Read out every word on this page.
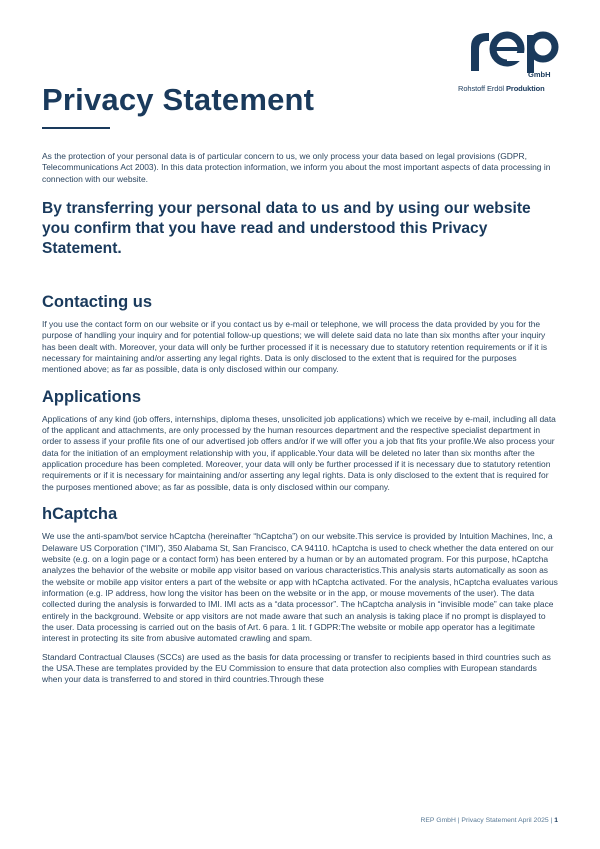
GmbH
Rohstoff Erdöl Produktion
Privacy Statement

As the protection of your personal data is of particular concern to us, we only process your data based on legal provisions (GDPR, Telecommunications Act 2003). In this data protection information, we inform you about the most important aspects of data processing in connection with our website.

By transferring your personal data to us and by using our website you confirm that you have read and understood this Privacy Statement.
Contacting us

If you use the contact form on our website or if you contact us by e-mail or telephone, we will process the data provided by you for the purpose of handling your inquiry and for potential follow-up questions; we will delete said data no late than six months after your inquiry has been dealt with. Moreover, your data will only be further processed if it is necessary due to statutory retention requirements or if it is necessary for maintaining and/or asserting any legal rights. Data is only disclosed to the extent that is required for the purposes mentioned above; as far as possible, data is only disclosed within our company.

Applications

Applications of any kind (job offers, internships, diploma theses, unsolicited job applications) which we receive by e-mail, including all data of the applicant and attachments, are only processed by the human resources department and the respective specialist department in order to assess if your profile fits one of our advertised job offers and/or if we will offer you a job that fits your profile.We also process your data for the initiation of an employment relationship with you, if applicable.Your data will be deleted no later than six months after the application procedure has been completed. Moreover, your data will only be further processed if it is necessary due to statutory retention requirements or if it is necessary for maintaining and/or asserting any legal rights. Data is only disclosed to the extent that is required for the purposes mentioned above; as far as possible, data is only disclosed within our company.

hCaptcha

We use the anti-spam/bot service hCaptcha (hereinafter “hCaptcha”) on our website.This service is provided by Intuition Machines, Inc, a Delaware US Corporation (“IMI”), 350 Alabama St, San Francisco, CA 94110. hCaptcha is used to check whether the data entered on our website (e.g. on a login page or a contact form) has been entered by a human or by an automated program. For this purpose, hCaptcha analyzes the behavior of the website or mobile app visitor based on various characteristics.This analysis starts automatically as soon as the website or mobile app visitor enters a part of the website or app with hCaptcha activated. For the analysis, hCaptcha evaluates various information (e.g. IP address, how long the visitor has been on the website or in the app, or mouse movements of the user). The data collected during the analysis is forwarded to IMI. IMI acts as a “data processor”. The hCaptcha analysis in “invisible mode” can take place entirely in the background. Website or app visitors are not made aware that such an analysis is taking place if no prompt is displayed to the user. Data processing is carried out on the basis of Art. 6 para. 1 lit. f GDPR:The website or mobile app operator has a legitimate interest in protecting its site from abusive automated crawling and spam.

Standard Contractual Clauses (SCCs) are used as the basis for data processing or transfer to recipients based in third countries such as the USA.These are templates provided by the EU Commission to ensure that data protection also complies with European standards when your data is transferred to and stored in third countries.Through these

REP GmbH | Privacy Statement April 2025 | 1
